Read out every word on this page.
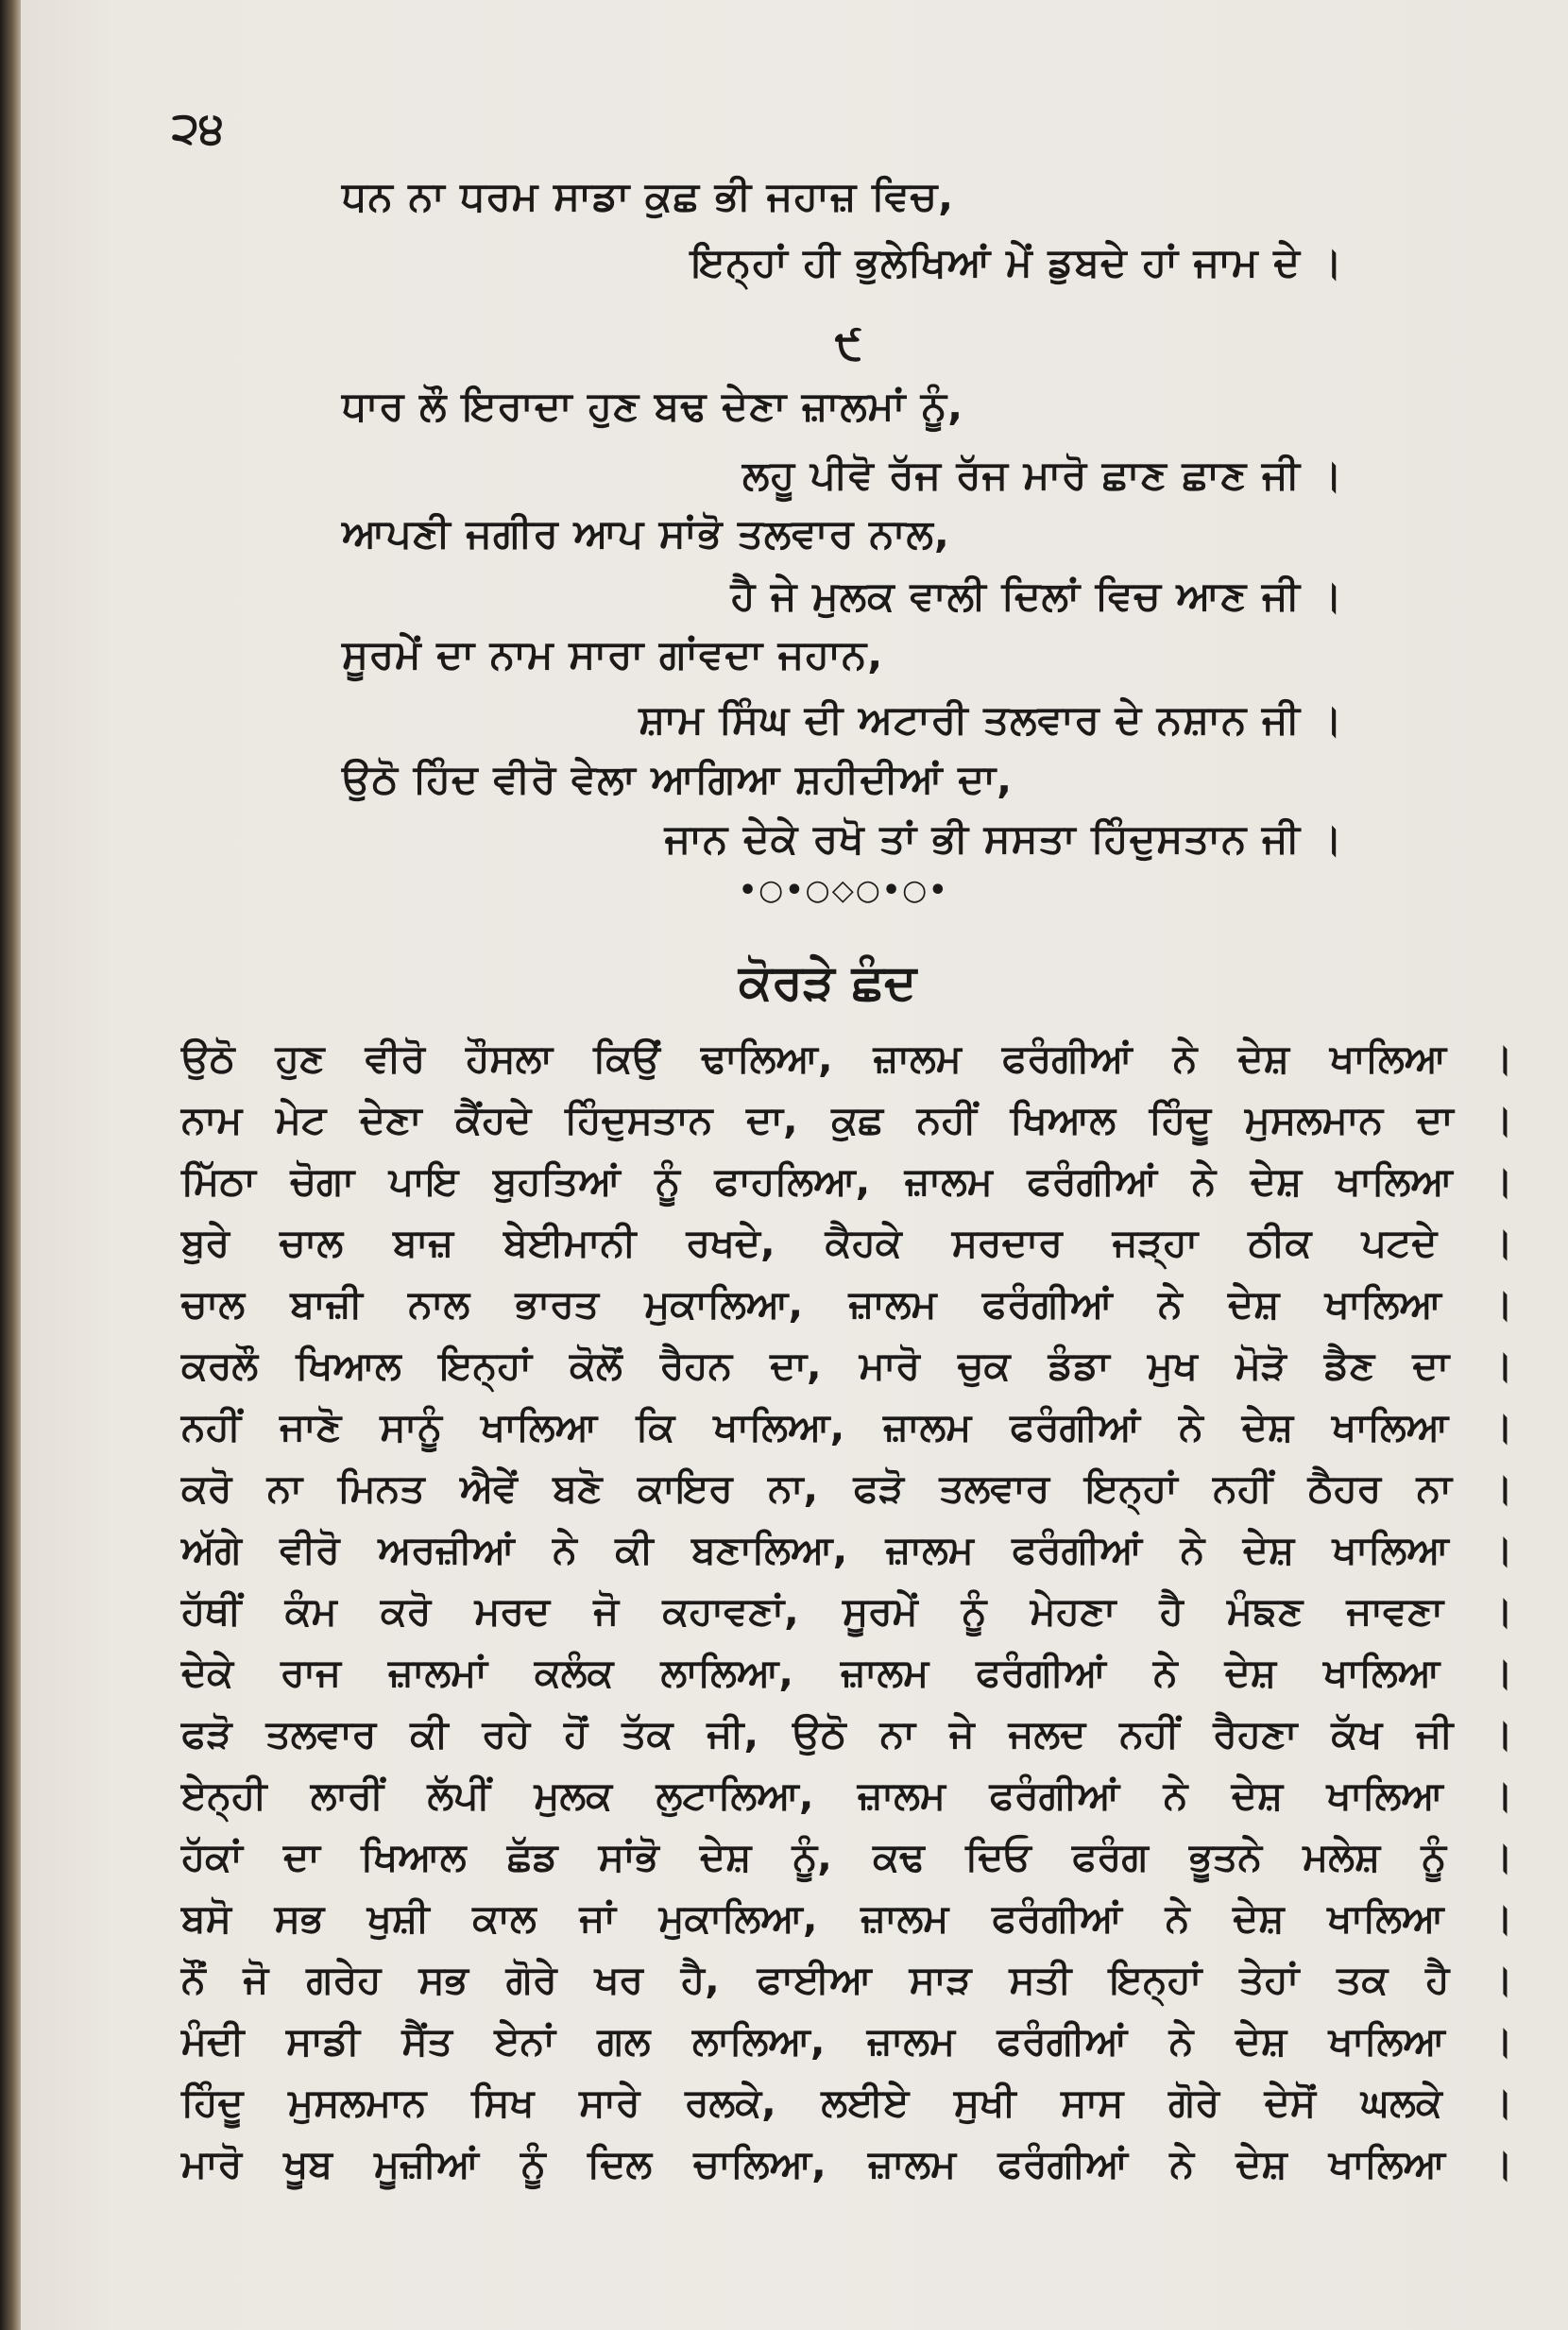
੨੪
ਧਨ ਨਾ ਧਰਮ ਸਾਡਾ ਕੁਛ ਭੀ ਜਹਾਜ਼ ਵਿਚ,
ਇਨ੍ਹਾਂ ਹੀ ਭੁਲੇਖਿਆਂ ਮੇਂ ਡੁਬਦੇ ਹਾਂ ਜਾਮ ਦੇ ।
੯
ਧਾਰ ਲੌ ਇਰਾਦਾ ਹੁਣ ਬਢ ਦੇਣਾ ਜ਼ਾਲਮਾਂ ਨੂੰ,
ਲਹੂ ਪੀਵੋ ਰੱਜ ਰੱਜ ਮਾਰੋ ਛਾਣ ਛਾਣ ਜੀ ।
ਆਪਣੀ ਜਗੀਰ ਆਪ ਸਾਂਭੋ ਤਲਵਾਰ ਨਾਲ,
ਹੈ ਜੇ ਮੁਲਕ ਵਾਲੀ ਦਿਲਾਂ ਵਿਚ ਆਣ ਜੀ ।
ਸੂਰਮੇਂ ਦਾ ਨਾਮ ਸਾਰਾ ਗਾਂਵਦਾ ਜਹਾਨ,
ਸ਼ਾਮ ਸਿੰਘ ਦੀ ਅਟਾਰੀ ਤਲਵਾਰ ਦੇ ਨਸ਼ਾਨ ਜੀ ।
ਉਠੋ ਹਿੰਦ ਵੀਰੋ ਵੇਲਾ ਆਗਿਆ ਸ਼ਹੀਦੀਆਂ ਦਾ,
ਜਾਨ ਦੇਕੇ ਰਖੋ ਤਾਂ ਭੀ ਸਸਤਾ ਹਿੰਦੁਸਤਾਨ ਜੀ ।
•○•○◇○•○•
ਕੋਰੜੇ ਛੰਦ
ਉਠੋ ਹੁਣ ਵੀਰੋ ਹੌਸਲਾ ਕਿਉਂ ਢਾਲਿਆ, ਜ਼ਾਲਮ ਫਰੰਗੀਆਂ ਨੇ ਦੇਸ਼ ਖਾਲਿਆ ।
ਨਾਮ ਮੇਟ ਦੇਣਾ ਕੈਂਹਦੇ ਹਿੰਦੁਸਤਾਨ ਦਾ, ਕੁਛ ਨਹੀਂ ਖਿਆਲ ਹਿੰਦੂ ਮੁਸਲਮਾਨ ਦਾ ।
ਮਿੱਠਾ ਚੋਗਾ ਪਾਇ ਬੁਹਤਿਆਂ ਨੂੰ ਫਾਹਲਿਆ, ਜ਼ਾਲਮ ਫਰੰਗੀਆਂ ਨੇ ਦੇਸ਼ ਖਾਲਿਆ ।
ਬੁਰੇ ਚਾਲ ਬਾਜ਼ ਬੇਈਮਾਨੀ ਰਖਦੇ, ਕੈਹਕੇ ਸਰਦਾਰ ਜੜ੍ਹਾ ਠੀਕ ਪਟਦੇ ।
ਚਾਲ ਬਾਜ਼ੀ ਨਾਲ ਭਾਰਤ ਮੁਕਾਲਿਆ, ਜ਼ਾਲਮ ਫਰੰਗੀਆਂ ਨੇ ਦੇਸ਼ ਖਾਲਿਆ ।
ਕਰਲੌ ਖਿਆਲ ਇਨ੍ਹਾਂ ਕੋਲੋਂ ਰੈਹਨ ਦਾ, ਮਾਰੋ ਚੁਕ ਡੰਡਾ ਮੁਖ ਮੋੜੋ ਡੈਣ ਦਾ ।
ਨਹੀਂ ਜਾਣੋ ਸਾਨੂੰ ਖਾਲਿਆ ਕਿ ਖਾਲਿਆ, ਜ਼ਾਲਮ ਫਰੰਗੀਆਂ ਨੇ ਦੇਸ਼ ਖਾਲਿਆ ।
ਕਰੋ ਨਾ ਮਿਨਤ ਐਵੇਂ ਬਣੋ ਕਾਇਰ ਨਾ, ਫੜੋ ਤਲਵਾਰ ਇਨ੍ਹਾਂ ਨਹੀਂ ਠੈਹਰ ਨਾ ।
ਅੱਗੇ ਵੀਰੋ ਅਰਜ਼ੀਆਂ ਨੇ ਕੀ ਬਣਾਲਿਆ, ਜ਼ਾਲਮ ਫਰੰਗੀਆਂ ਨੇ ਦੇਸ਼ ਖਾਲਿਆ ।
ਹੱਥੀਂ ਕੰਮ ਕਰੋ ਮਰਦ ਜੋ ਕਹਾਵਣਾਂ, ਸੂਰਮੇਂ ਨੂੰ ਮੇਹਣਾ ਹੈ ਮੰਙਣ ਜਾਵਣਾ ।
ਦੇਕੇ ਰਾਜ ਜ਼ਾਲਮਾਂ ਕਲੰਕ ਲਾਲਿਆ, ਜ਼ਾਲਮ ਫਰੰਗੀਆਂ ਨੇ ਦੇਸ਼ ਖਾਲਿਆ ।
ਫੜੋ ਤਲਵਾਰ ਕੀ ਰਹੇ ਹੋਂ ਤੱਕ ਜੀ, ਉਠੋ ਨਾ ਜੇ ਜਲਦ ਨਹੀਂ ਰੈਹਣਾ ਕੱਖ ਜੀ ।
ਏਨ੍ਹੀ ਲਾਰੀਂ ਲੱਪੀਂ ਮੁਲਕ ਲੁਟਾਲਿਆ, ਜ਼ਾਲਮ ਫਰੰਗੀਆਂ ਨੇ ਦੇਸ਼ ਖਾਲਿਆ ।
ਹੱਕਾਂ ਦਾ ਖਿਆਲ ਛੱਡ ਸਾਂਭੋ ਦੇਸ਼ ਨੂੰ, ਕਢ ਦਿਓ ਫਰੰਗ ਭੂਤਨੇ ਮਲੇਸ਼ ਨੂੰ ।
ਬਸੋ ਸਭ ਖੁਸ਼ੀ ਕਾਲ ਜਾਂ ਮੁਕਾਲਿਆ, ਜ਼ਾਲਮ ਫਰੰਗੀਆਂ ਨੇ ਦੇਸ਼ ਖਾਲਿਆ ।
ਨੌਂ ਜੋ ਗਰੇਹ ਸਭ ਗੋਰੇ ਖਰ ਹੈ, ਫਾਈਆ ਸਾੜ ਸਤੀ ਇਨ੍ਹਾਂ ਤੇਹਾਂ ਤਕ ਹੈ ।
ਮੰਦੀ ਸਾਡੀ ਸੈਂਤ ਏਨਾਂ ਗਲ ਲਾਲਿਆ, ਜ਼ਾਲਮ ਫਰੰਗੀਆਂ ਨੇ ਦੇਸ਼ ਖਾਲਿਆ ।
ਹਿੰਦੂ ਮੁਸਲਮਾਨ ਸਿਖ ਸਾਰੇ ਰਲਕੇ, ਲਈਏ ਸੁਖੀ ਸਾਸ ਗੋਰੇ ਦੇਸੋਂ ਘਲਕੇ ।
ਮਾਰੋ ਖੂਬ ਮੂਜ਼ੀਆਂ ਨੂੰ ਦਿਲ ਚਾਲਿਆ, ਜ਼ਾਲਮ ਫਰੰਗੀਆਂ ਨੇ ਦੇਸ਼ ਖਾਲਿਆ ।
